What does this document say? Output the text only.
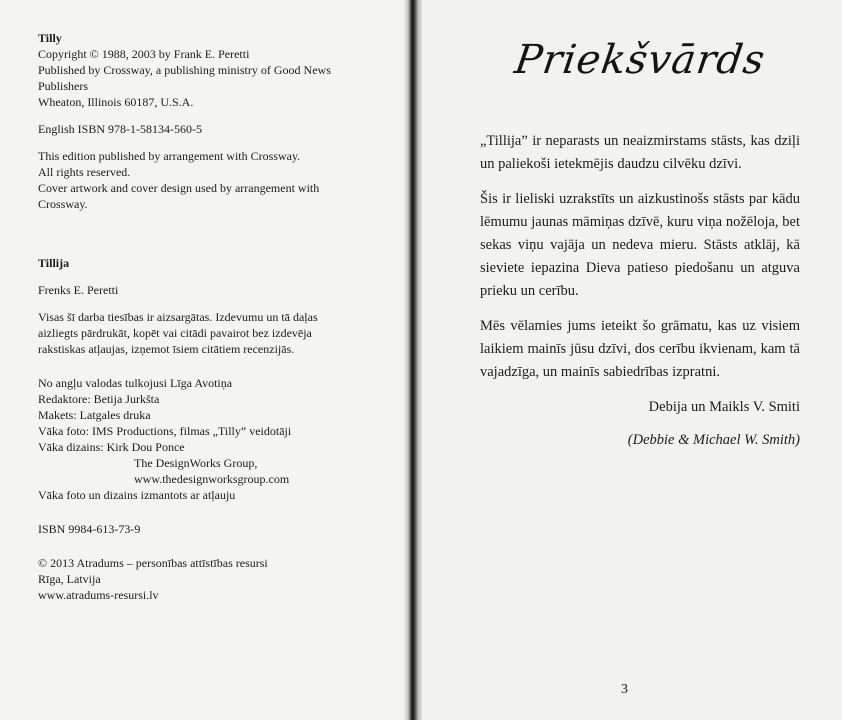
Tilly
Copyright © 1988, 2003 by Frank E. Peretti
Published by Crossway, a publishing ministry of Good News
Publishers
Wheaton, Illinois 60187, U.S.A.
English ISBN 978-1-58134-560-5
This edition published by arrangement with Crossway.
All rights reserved.
Cover artwork and cover design used by arrangement with
Crossway.
Tillija
Frenks E. Peretti
Visas šī darba tiesības ir aizsargātas. Izdevumu un tā daļas
aizliegts pārdrukāt, kopēt vai citādi pavairot bez izdevēja
rakstiskas atļaujas, izņemot īsiem citātiem recenzijās.
No angļu valodas tulkojusi Līga Avotiņa
Redaktore: Betija Jurkšta
Makets: Latgales druka
Vāka foto: IMS Productions, filmas „Tilly” veidotāji
Vāka dizains: Kirk Dou Ponce
The DesignWorks Group,
www.thedesignworksgroup.com
Vāka foto un dizains izmantots ar atļauju
ISBN 9984-613-73-9
© 2013 Atradums – personības attīstības resursi
Rīga, Latvija
www.atradums-resursi.lv
Priekšvārds

„Tillija” ir neparasts un neaizmirstams stāsts, kas dziļi un paliekoši ietekmējis daudzu cilvēku dzīvi.

Šis ir lieliski uzrakstīts un aizkustinošs stāsts par kādu lēmumu jaunas māmiņas dzīvē, kuru viņa nožēloja, bet sekas viņu vajāja un nedeva mieru. Stāsts atklāj, kā sieviete iepazina Dieva patieso piedošanu un atguva prieku un cerību.

Mēs vēlamies jums ieteikt šo grāmatu, kas uz visiem laikiem mainīs jūsu dzīvi, dos cerību ikvienam, kam tā vajadzīga, un mainīs sabiedrības izpratni.

Debija un Maikls V. Smiti
(Debbie & Michael W. Smith)
3
